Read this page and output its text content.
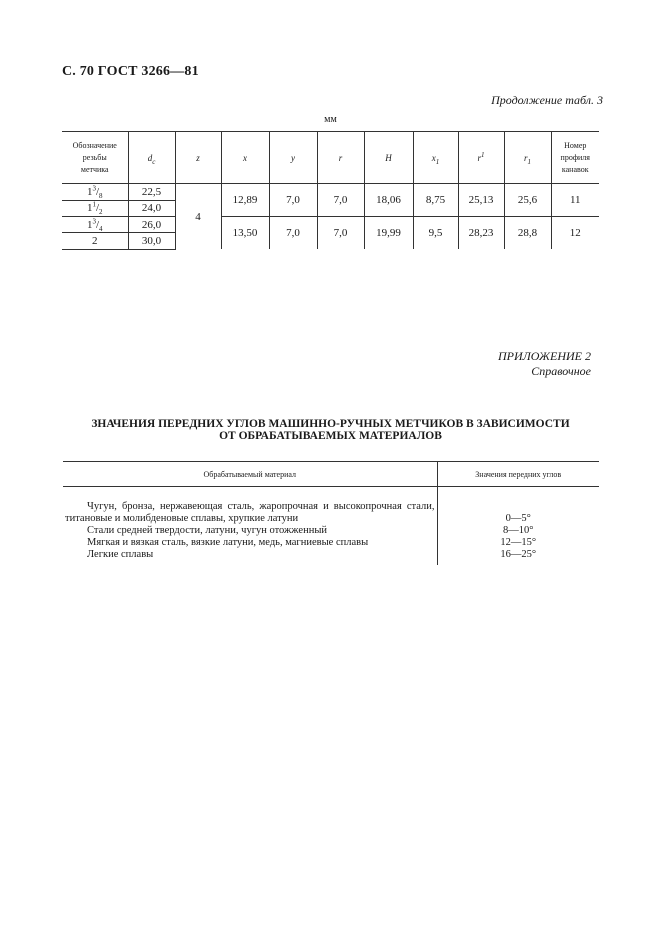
С. 70 ГОСТ 3266—81
Продолжение табл. 3
мм
Обозначение
резьбы
метчика	$d_c$	z	x	y	r	H	$x_1$	$r^1$	$r_1$	Номер
профиля
канавок
$1^3/_8$	22,5	4	12,89	7,0	7,0	18,06	8,75	25,13	25,6	11
$1^1/_2$	24,0									
$1^3/_4$	26,0		13,50	7,0	7,0	19,99	9,5	28,23	28,8	12
2	30,0									
ПРИЛОЖЕНИЕ 2
Справочное
ЗНАЧЕНИЯ ПЕРЕДНИХ УГЛОВ МАШИННО-РУЧНЫХ МЕТЧИКОВ В ЗАВИСИМОСТИ
ОТ ОБРАБАТЫВАЕМЫХ МАТЕРИАЛОВ
Обрабатываемый материал	Значения передних углов

Чугун, бронза, нержавеющая сталь, жаропрочная и высокопрочная стали, титановые и молибденовые сплавы, хрупкие латуни	0—5°
Стали средней твердости, латуни, чугун отожженный	8—10°
Мягкая и вязкая сталь, вязкие латуни, медь, магниевые сплавы	12—15°
Легкие сплавы	16—25°
